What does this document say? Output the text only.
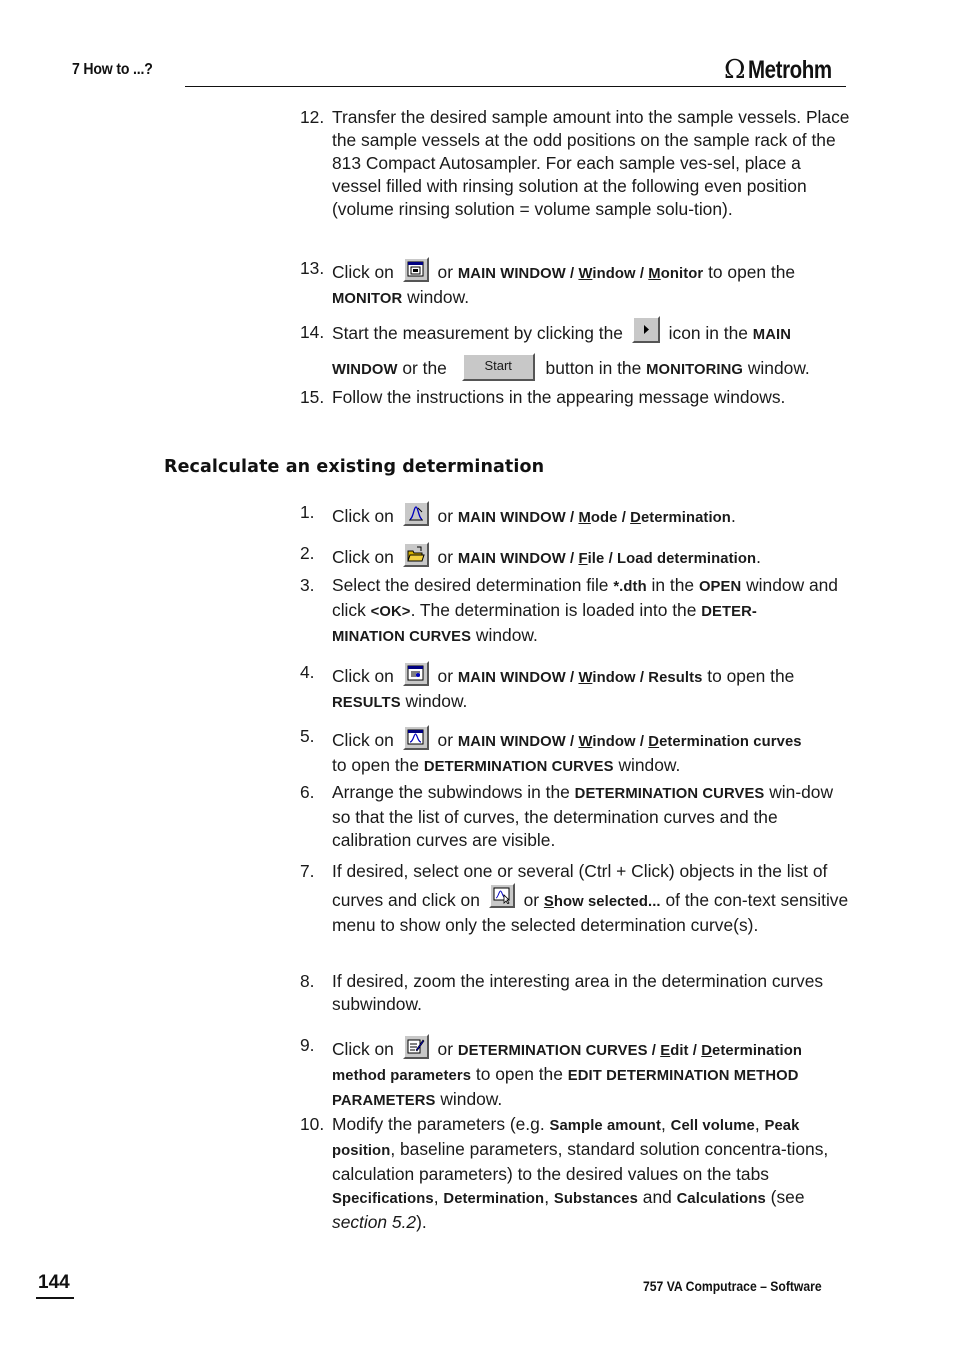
7 How to ...?	Ω Metrohm
12. Transfer the desired sample amount into the sample vessels. Place the sample vessels at the odd positions on the sample rack of the 813 Compact Autosampler. For each sample ves-sel, place a vessel filled with rinsing solution at the following even position (volume rinsing solution = volume sample solu-tion).
13. Click on	or MAIN WINDOW / Window / Monitor to open the
MONITOR window.
14. Start the measurement by clicking the	icon in the MAIN WINDOW or the	Start button in the MONITORING window.
15. Follow the instructions in the appearing message windows.
Recalculate an existing determination
1. Click on	or MAIN WINDOW / Mode / Determination.
2. Click on	or MAIN WINDOW / File / Load determination.
3. Select the desired determination file *.dth in the OPEN window and click <OK>. The determination is loaded into the DETER-
MINATION CURVES window.
4. Click on	or MAIN WINDOW / Window / Results to open the
RESULTS window.
5. Click on	or MAIN WINDOW / Window / Determination curves
to open the DETERMINATION CURVES window.
6. Arrange the subwindows in the DETERMINATION CURVES win-dow so that the list of curves, the determination curves and the calibration curves are visible.
7. If desired, select one or several (Ctrl + Click) objects in the list of curves and click on	or Show selected... of the con-text sensitive menu to show only the selected determination curve(s).
8. If desired, zoom the interesting area in the determination curves subwindow.
9. Click on	or DETERMINATION CURVES / Edit / Determination method parameters to open the EDIT DETERMINATION METHOD PARAMETERS window.
10. Modify the parameters (e.g. Sample amount, Cell volume, Peak position, baseline parameters, standard solution concentra-tions, calculation parameters) to the desired values on the tabs Specifications, Determination, Substances and Calculations (see section 5.2).
144	757 VA Computrace – Software
